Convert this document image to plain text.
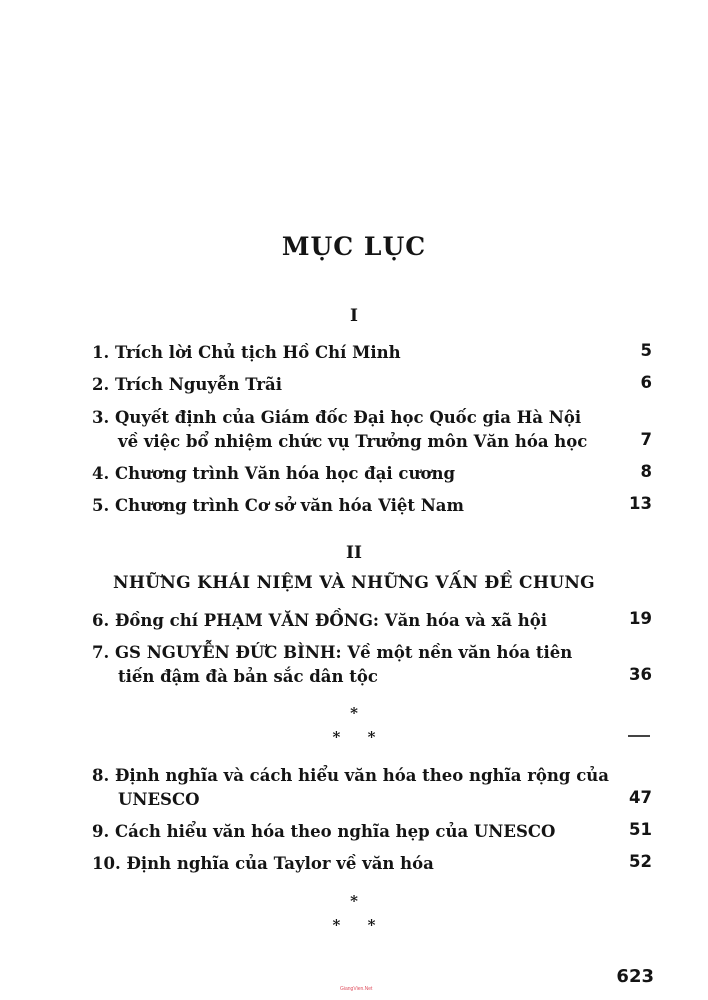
MỤC LỤC
I
1. Trích lời Chủ tịch Hồ Chí Minh	5
2. Trích Nguyễn Trãi	6
3. Quyết định của Giám đốc Đại học Quốc gia Hà Nội
về việc bổ nhiệm chức vụ Trưởng môn Văn hóa học	7
4. Chương trình Văn hóa học đại cương	8
5. Chương trình Cơ sở văn hóa Việt Nam	13
II
NHỮNG KHÁI NIỆM VÀ NHỮNG VẤN ĐỀ CHUNG
6. Đồng chí PHẠM VĂN ĐỒNG: Văn hóa và xã hội	19
7. GS NGUYỄN ĐỨC BÌNH: Về một nền văn hóa tiên
tiến đậm đà bản sắc dân tộc	36
*
* *
8. Định nghĩa và cách hiểu văn hóa theo nghĩa rộng của
UNESCO	47
9. Cách hiểu văn hóa theo nghĩa hẹp của UNESCO	51
10. Định nghĩa của Taylor về văn hóa	52
*
* *
623
GiangVien.Net
